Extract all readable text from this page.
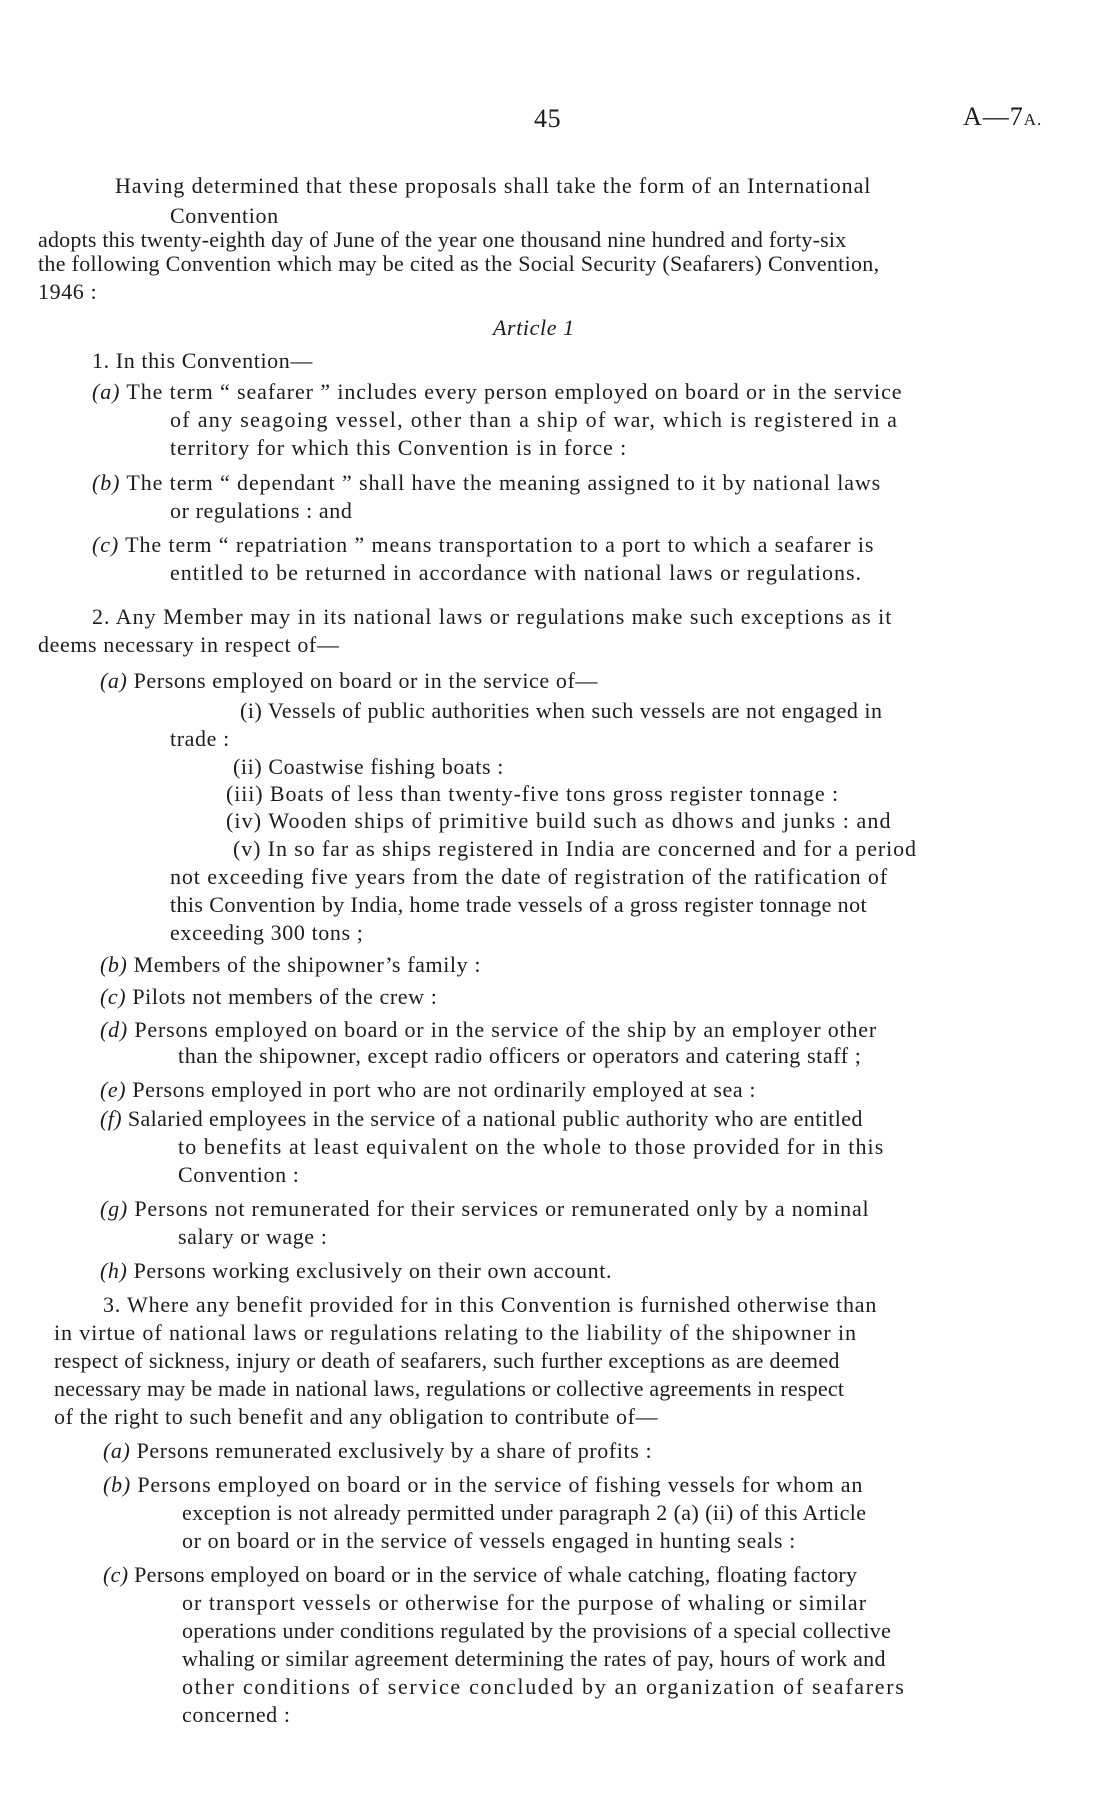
45	A—7A.
Having determined that these proposals shall take the form of an International
Convention
adopts this twenty-eighth day of June of the year one thousand nine hundred and forty-six
the following Convention which may be cited as the Social Security (Seafarers) Convention,
1946 :
Article 1
1. In this Convention—
(a) The term “ seafarer ” includes every person employed on board or in the service
of any seagoing vessel, other than a ship of war, which is registered in a
territory for which this Convention is in force :
(b) The term “ dependant ” shall have the meaning assigned to it by national laws
or regulations : and
(c) The term “ repatriation ” means transportation to a port to which a seafarer is
entitled to be returned in accordance with national laws or regulations.
2. Any Member may in its national laws or regulations make such exceptions as it
deems necessary in respect of—
(a) Persons employed on board or in the service of—
(i) Vessels of public authorities when such vessels are not engaged in
trade :
(ii) Coastwise fishing boats :
(iii) Boats of less than twenty-five tons gross register tonnage :
(iv) Wooden ships of primitive build such as dhows and junks : and
(v) In so far as ships registered in India are concerned and for a period
not exceeding five years from the date of registration of the ratification of
this Convention by India, home trade vessels of a gross register tonnage not
exceeding 300 tons ;
(b) Members of the shipowner’s family :
(c) Pilots not members of the crew :
(d) Persons employed on board or in the service of the ship by an employer other
than the shipowner, except radio officers or operators and catering staff ;
(e) Persons employed in port who are not ordinarily employed at sea :
(f) Salaried employees in the service of a national public authority who are entitled
to benefits at least equivalent on the whole to those provided for in this
Convention :
(g) Persons not remunerated for their services or remunerated only by a nominal
salary or wage :
(h) Persons working exclusively on their own account.
3. Where any benefit provided for in this Convention is furnished otherwise than
in virtue of national laws or regulations relating to the liability of the shipowner in
respect of sickness, injury or death of seafarers, such further exceptions as are deemed
necessary may be made in national laws, regulations or collective agreements in respect
of the right to such benefit and any obligation to contribute of—
(a) Persons remunerated exclusively by a share of profits :
(b) Persons employed on board or in the service of fishing vessels for whom an
exception is not already permitted under paragraph 2 (a) (ii) of this Article
or on board or in the service of vessels engaged in hunting seals :
(c) Persons employed on board or in the service of whale catching, floating factory
or transport vessels or otherwise for the purpose of whaling or similar
operations under conditions regulated by the provisions of a special collective
whaling or similar agreement determining the rates of pay, hours of work and
other conditions of service concluded by an organization of seafarers
concerned :
